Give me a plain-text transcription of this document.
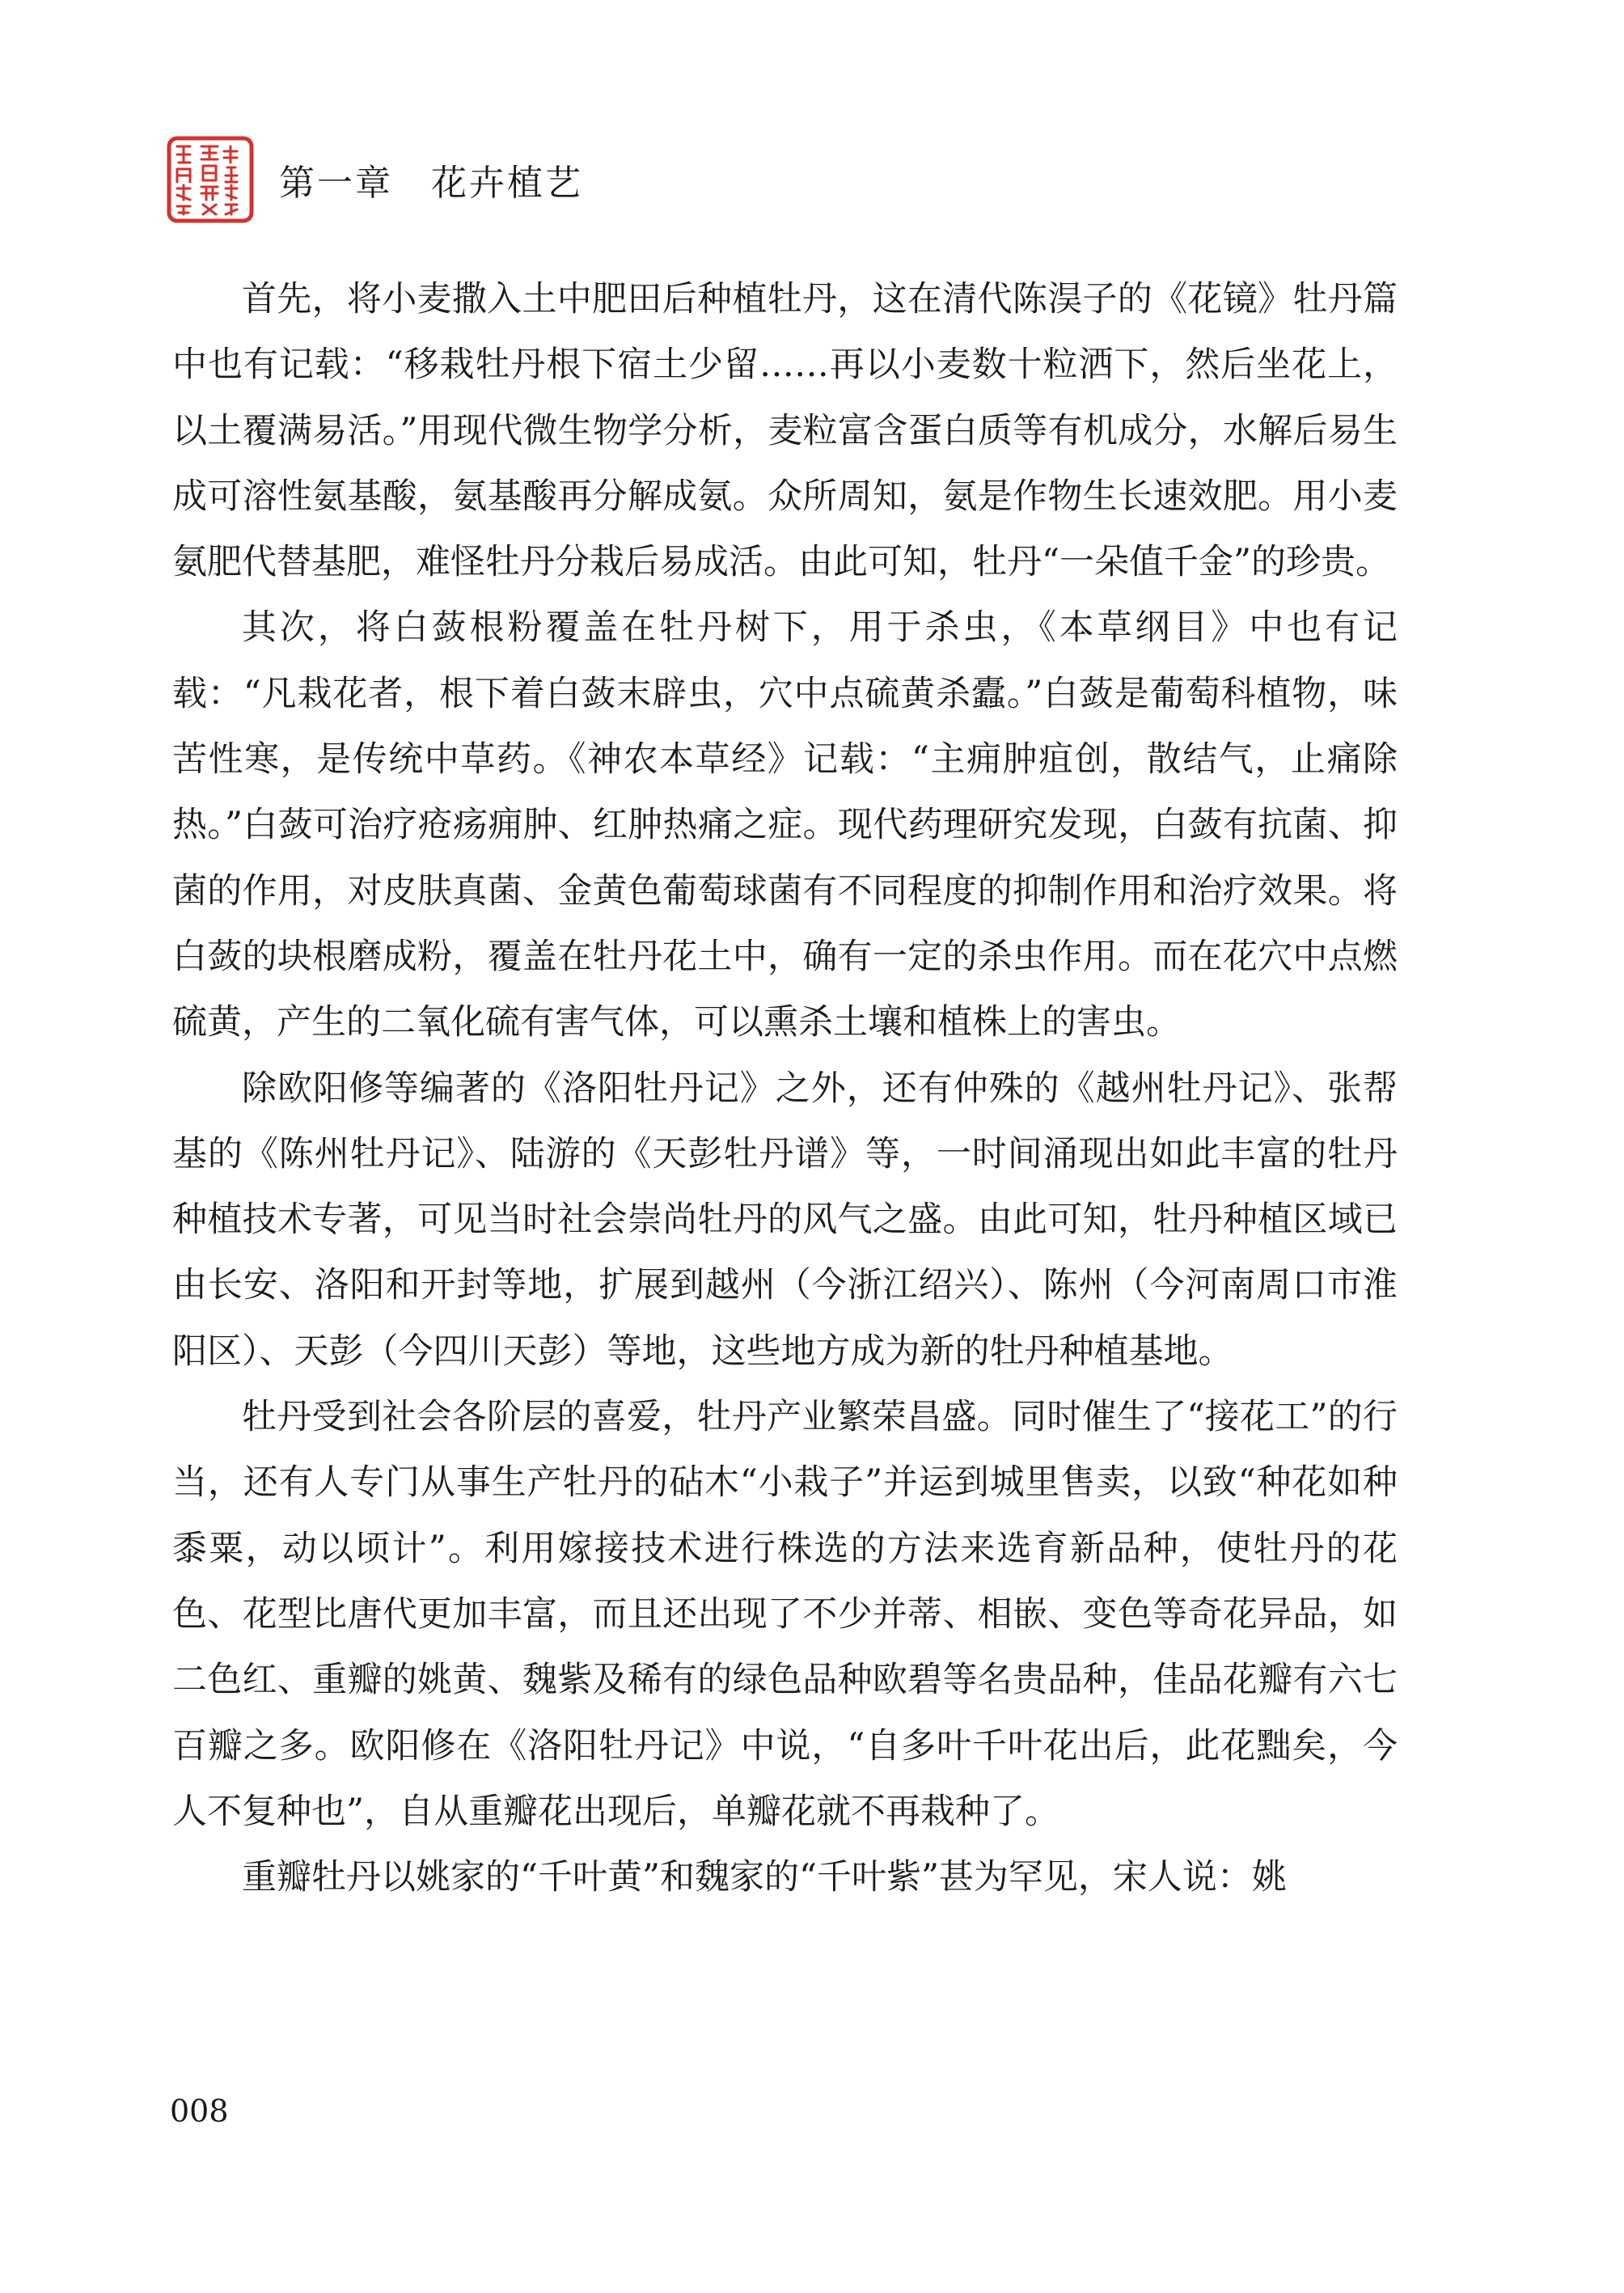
第一章　花卉植艺

首先，将小麦撒入土中肥田后种植牡丹，这在清代陈淏子的《花镜》牡丹篇中也有记载：“移栽牡丹根下宿土少留……再以小麦数十粒洒下，然后坐花上，以土覆满易活。”用现代微生物学分析，麦粒富含蛋白质等有机成分，水解后易生成可溶性氨基酸，氨基酸再分解成氨。众所周知，氨是作物生长速效肥。用小麦氨肥代替基肥，难怪牡丹分栽后易成活。由此可知，牡丹“一朵值千金”的珍贵。

其次，将白蔹根粉覆盖在牡丹树下，用于杀虫，《本草纲目》中也有记载：“凡栽花者，根下着白蔹末辟虫，穴中点硫黄杀蠹。”白蔹是葡萄科植物，味苦性寒，是传统中草药。《神农本草经》记载：“主痈肿疽创，散结气，止痛除热。”白蔹可治疗疮疡痈肿、红肿热痛之症。现代药理研究发现，白蔹有抗菌、抑菌的作用，对皮肤真菌、金黄色葡萄球菌有不同程度的抑制作用和治疗效果。将白蔹的块根磨成粉，覆盖在牡丹花土中，确有一定的杀虫作用。而在花穴中点燃硫黄，产生的二氧化硫有害气体，可以熏杀土壤和植株上的害虫。

除欧阳修等编著的《洛阳牡丹记》之外，还有仲殊的《越州牡丹记》、张帮基的《陈州牡丹记》、陆游的《天彭牡丹谱》等，一时间涌现出如此丰富的牡丹种植技术专著，可见当时社会崇尚牡丹的风气之盛。由此可知，牡丹种植区域已由长安、洛阳和开封等地，扩展到越州（今浙江绍兴）、陈州（今河南周口市淮阳区）、天彭（今四川天彭）等地，这些地方成为新的牡丹种植基地。

牡丹受到社会各阶层的喜爱，牡丹产业繁荣昌盛。同时催生了“接花工”的行当，还有人专门从事生产牡丹的砧木“小栽子”并运到城里售卖，以致“种花如种黍粟，动以顷计”。利用嫁接技术进行株选的方法来选育新品种，使牡丹的花色、花型比唐代更加丰富，而且还出现了不少并蒂、相嵌、变色等奇花异品，如二色红、重瓣的姚黄、魏紫及稀有的绿色品种欧碧等名贵品种，佳品花瓣有六七百瓣之多。欧阳修在《洛阳牡丹记》中说，“自多叶千叶花出后，此花黜矣，今人不复种也”，自从重瓣花出现后，单瓣花就不再栽种了。

重瓣牡丹以姚家的“千叶黄”和魏家的“千叶紫”甚为罕见，宋人说：姚

008
